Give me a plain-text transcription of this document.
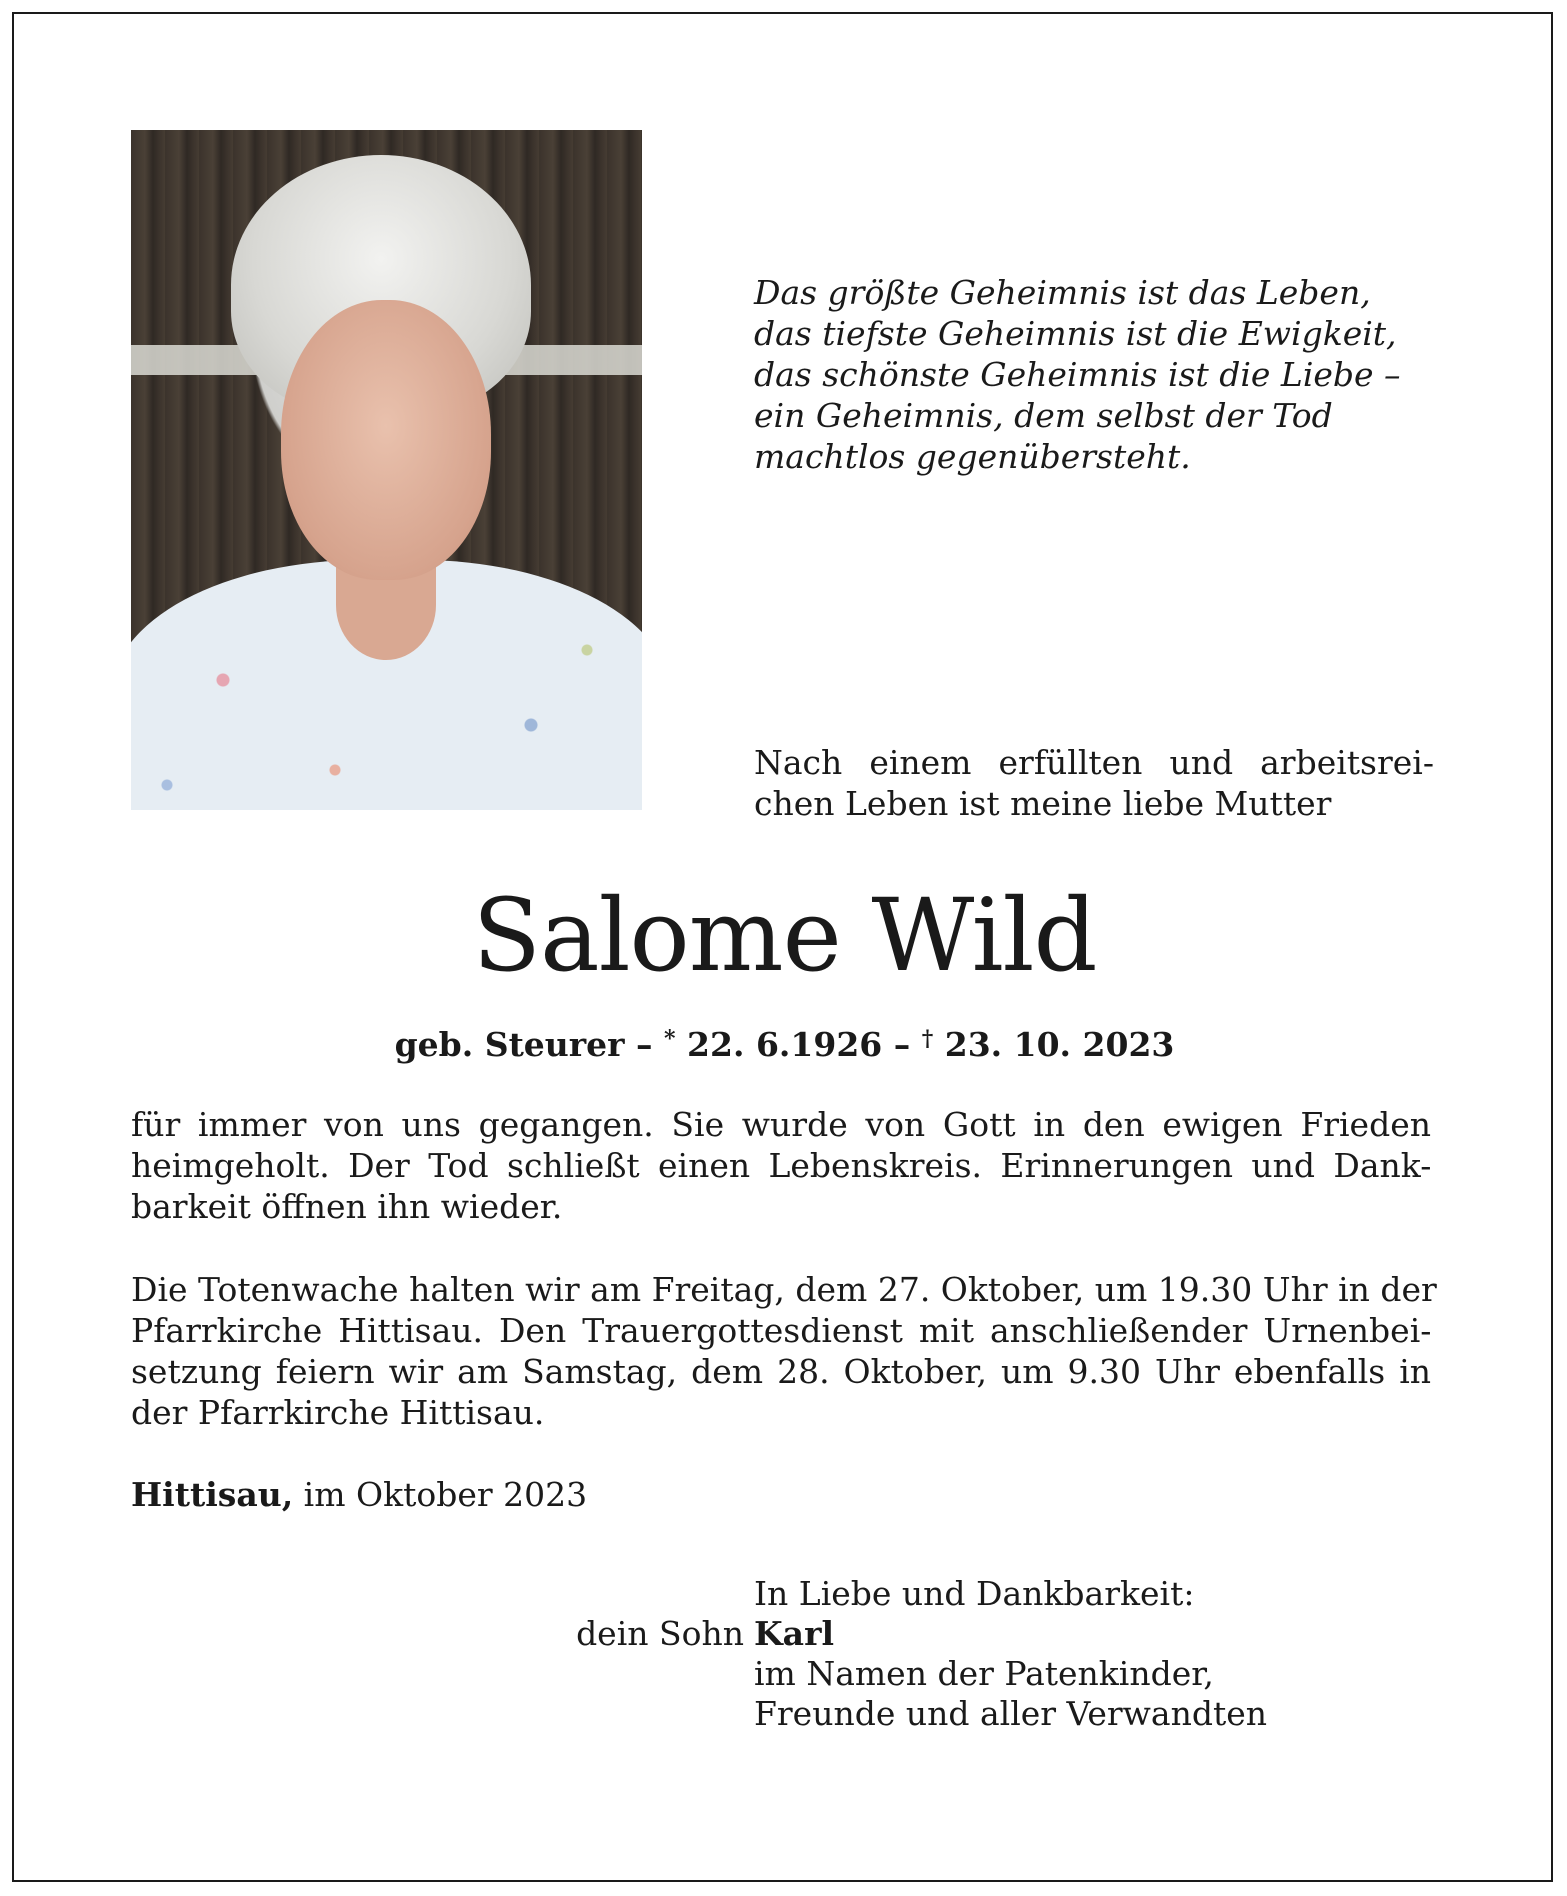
Das größte Geheimnis ist das Leben,
das tiefste Geheimnis ist die Ewigkeit,
das schönste Geheimnis ist die Liebe –
ein Geheimnis, dem selbst der Tod
machtlos gegenübersteht.
Nach einem erfüllten und arbeitsrei-
chen Leben ist meine liebe Mutter
Salome Wild
geb. Steurer – * 22. 6.1926 – † 23. 10. 2023
für immer von uns gegangen. Sie wurde von Gott in den ewigen Frieden
heimgeholt. Der Tod schließt einen Lebenskreis. Erinnerungen und Dank-
barkeit öffnen ihn wieder.
Die Totenwache halten wir am Freitag, dem 27. Oktober, um 19.30 Uhr in der
Pfarrkirche Hittisau. Den Trauergottesdienst mit anschließender Urnenbei-
setzung feiern wir am Samstag, dem 28. Oktober, um 9.30 Uhr ebenfalls in
der Pfarrkirche Hittisau.
Hittisau, im Oktober 2023
dein Sohn
In Liebe und Dankbarkeit:
Karl
im Namen der Patenkinder,
Freunde und aller Verwandten
